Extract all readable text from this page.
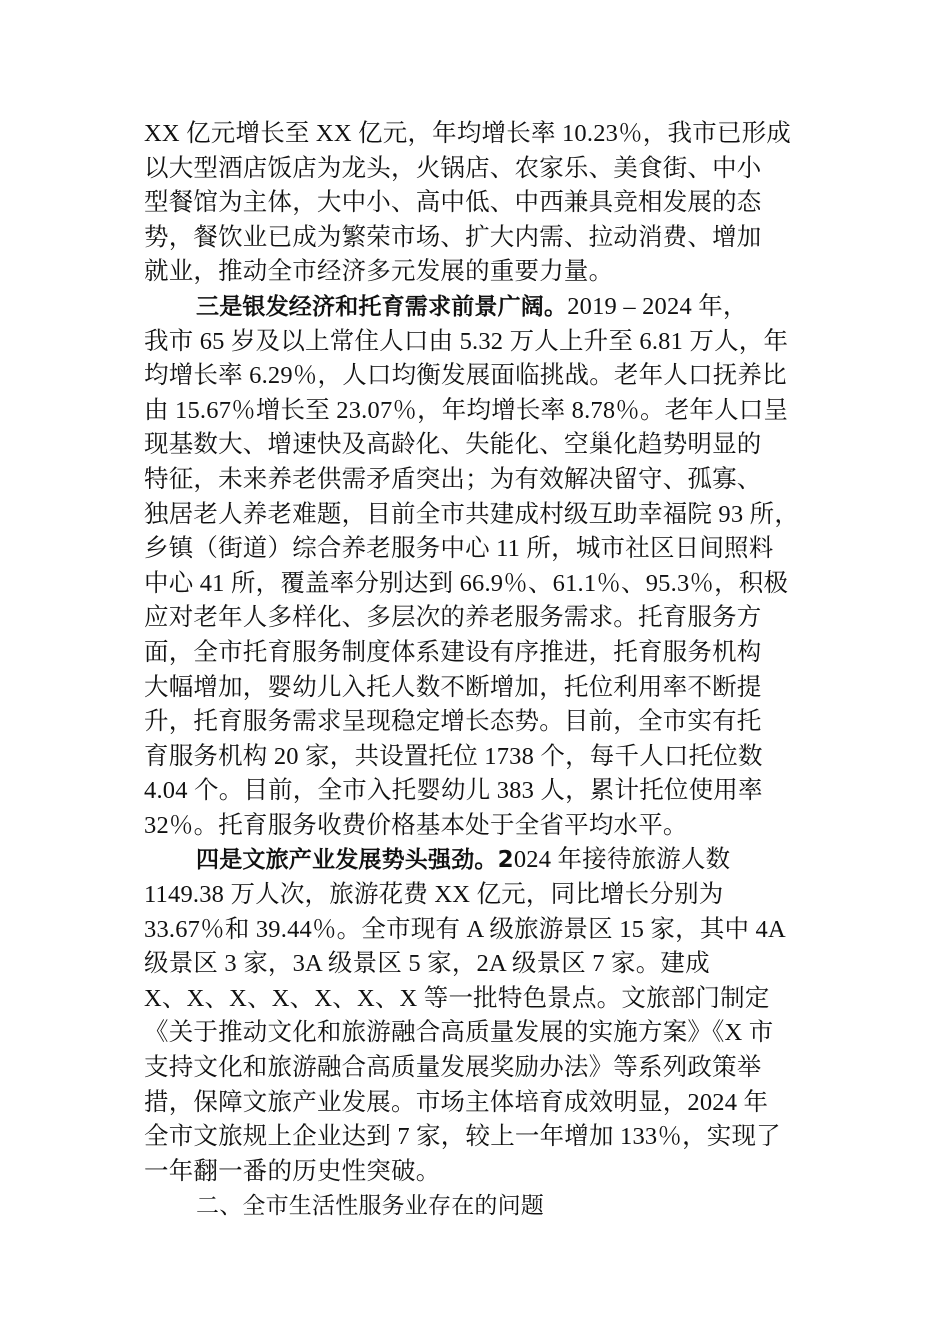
XX 亿元增长至 XX 亿元，年均增长率 10.23％，我市已形成
以大型酒店饭店为龙头，火锅店、农家乐、美食街、中小
型餐馆为主体，大中小、高中低、中西兼具竞相发展的态
势，餐饮业已成为繁荣市场、扩大内需、拉动消费、增加
就业，推动全市经济多元发展的重要力量。
三是银发经济和托育需求前景广阔。2019 – 2024 年，
我市 65 岁及以上常住人口由 5.32 万人上升至 6.81 万人，年
均增长率 6.29％，人口均衡发展面临挑战。老年人口抚养比
由 15.67％增长至 23.07％，年均增长率 8.78％。老年人口呈
现基数大、增速快及高龄化、失能化、空巢化趋势明显的
特征，未来养老供需矛盾突出；为有效解决留守、孤寡、
独居老人养老难题，目前全市共建成村级互助幸福院 93 所，
乡镇（街道）综合养老服务中心 11 所，城市社区日间照料
中心 41 所，覆盖率分别达到 66.9％、61.1％、95.3％，积极
应对老年人多样化、多层次的养老服务需求。托育服务方
面，全市托育服务制度体系建设有序推进，托育服务机构
大幅增加，婴幼儿入托人数不断增加，托位利用率不断提
升，托育服务需求呈现稳定增长态势。目前，全市实有托
育服务机构 20 家，共设置托位 1738 个，每千人口托位数
4.04 个。目前，全市入托婴幼儿 383 人，累计托位使用率
32％。托育服务收费价格基本处于全省平均水平。
四是文旅产业发展势头强劲。2024 年接待旅游人数
1149.38 万人次，旅游花费 XX 亿元，同比增长分别为
33.67％和 39.44％。全市现有 A 级旅游景区 15 家，其中 4A
级景区 3 家，3A 级景区 5 家，2A 级景区 7 家。建成
X、X、X、X、X、X、X 等一批特色景点。文旅部门制定
《关于推动文化和旅游融合高质量发展的实施方案》《X 市
支持文化和旅游融合高质量发展奖励办法》等系列政策举
措，保障文旅产业发展。市场主体培育成效明显，2024 年
全市文旅规上企业达到 7 家，较上一年增加 133％，实现了
一年翻一番的历史性突破。
二、全市生活性服务业存在的问题
